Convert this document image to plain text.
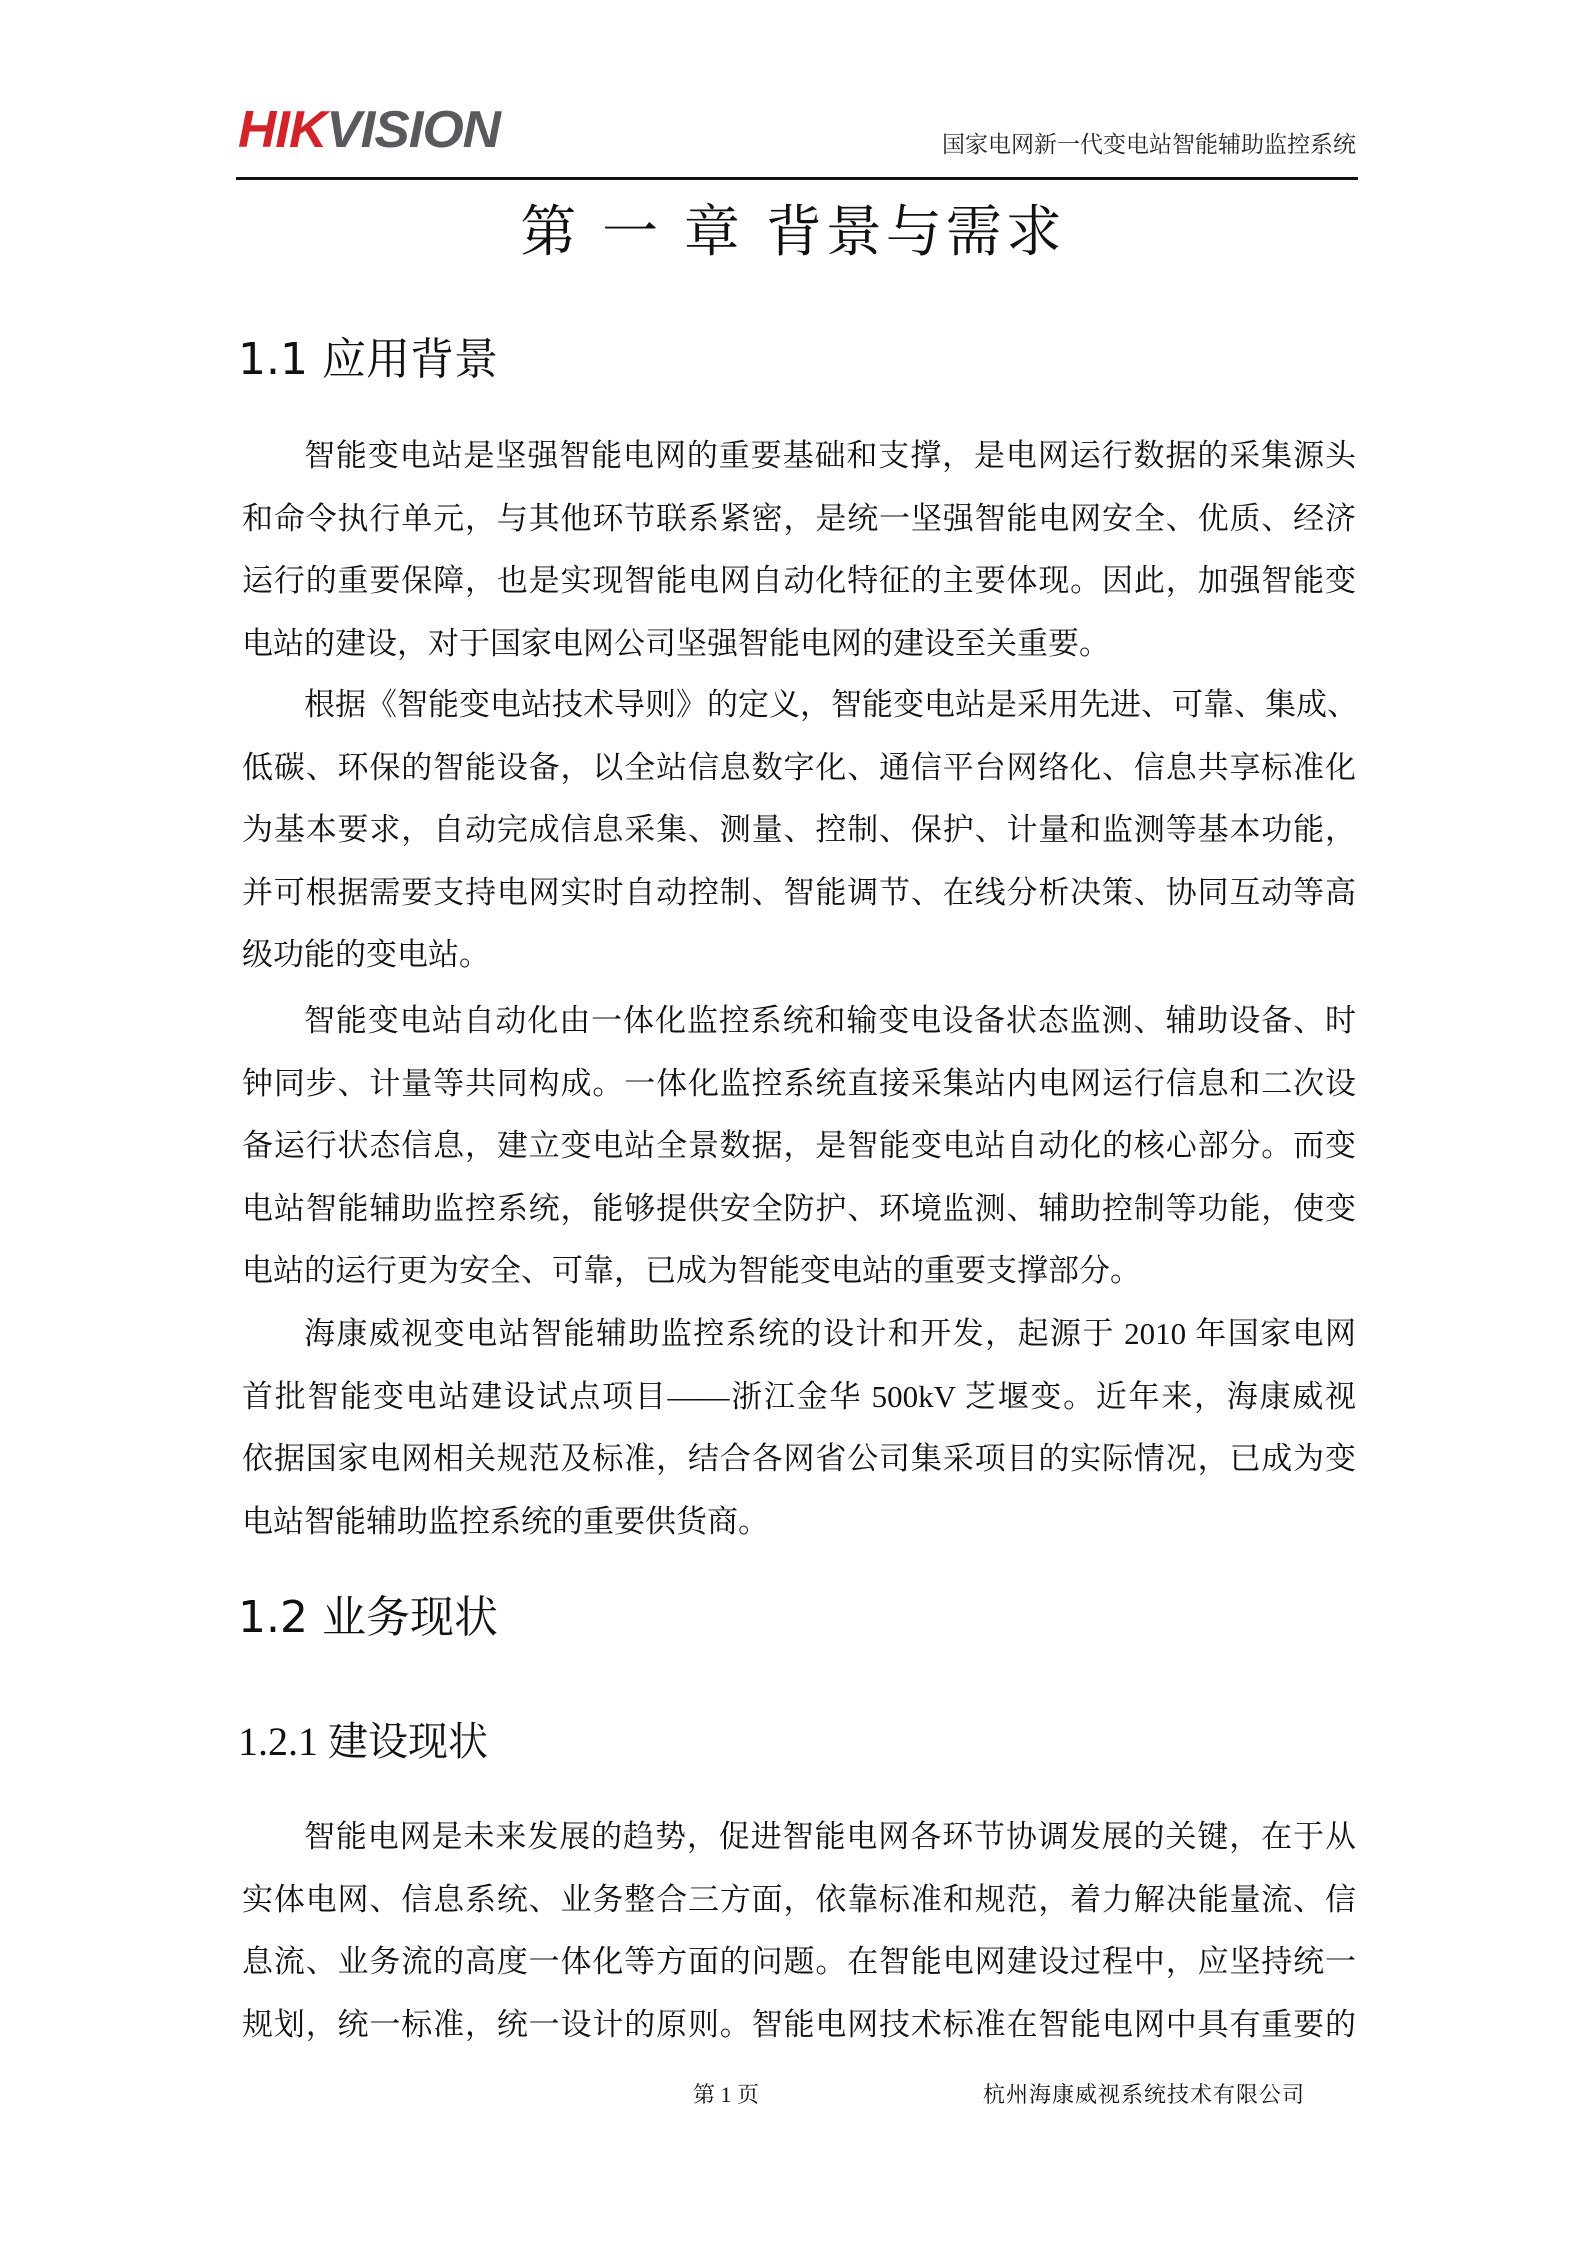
HIKVISION	国家电网新一代变电站智能辅助监控系统
第 一 章 背景与需求
1.1 应用背景
智能变电站是坚强智能电网的重要基础和支撑，是电网运行数据的采集源头
和命令执行单元，与其他环节联系紧密，是统一坚强智能电网安全、优质、经济
运行的重要保障，也是实现智能电网自动化特征的主要体现。因此，加强智能变
电站的建设，对于国家电网公司坚强智能电网的建设至关重要。
根据《智能变电站技术导则》的定义，智能变电站是采用先进、可靠、集成、
低碳、环保的智能设备，以全站信息数字化、通信平台网络化、信息共享标准化
为基本要求，自动完成信息采集、测量、控制、保护、计量和监测等基本功能，
并可根据需要支持电网实时自动控制、智能调节、在线分析决策、协同互动等高
级功能的变电站。
智能变电站自动化由一体化监控系统和输变电设备状态监测、辅助设备、时
钟同步、计量等共同构成。一体化监控系统直接采集站内电网运行信息和二次设
备运行状态信息，建立变电站全景数据，是智能变电站自动化的核心部分。而变
电站智能辅助监控系统，能够提供安全防护、环境监测、辅助控制等功能，使变
电站的运行更为安全、可靠，已成为智能变电站的重要支撑部分。
海康威视变电站智能辅助监控系统的设计和开发，起源于 2010 年国家电网
首批智能变电站建设试点项目——浙江金华 500kV 芝堰变。近年来，海康威视
依据国家电网相关规范及标准，结合各网省公司集采项目的实际情况，已成为变
电站智能辅助监控系统的重要供货商。
1.2 业务现状
1.2.1 建设现状
智能电网是未来发展的趋势，促进智能电网各环节协调发展的关键，在于从
实体电网、信息系统、业务整合三方面，依靠标准和规范，着力解决能量流、信
息流、业务流的高度一体化等方面的问题。在智能电网建设过程中，应坚持统一
规划，统一标准，统一设计的原则。智能电网技术标准在智能电网中具有重要的
第 1 页	杭州海康威视系统技术有限公司
